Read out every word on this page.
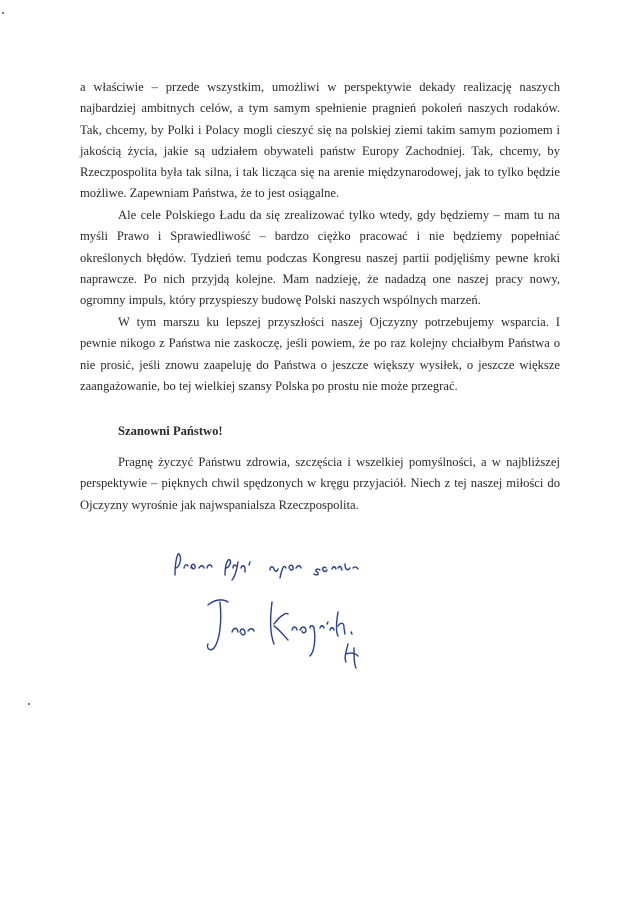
a właściwie – przede wszystkim, umożliwi w perspektywie dekady realizację naszych najbardziej ambitnych celów, a tym samym spełnienie pragnień pokoleń naszych rodaków. Tak, chcemy, by Polki i Polacy mogli cieszyć się na polskiej ziemi takim samym poziomem i jakością życia, jakie są udziałem obywateli państw Europy Zachodniej. Tak, chcemy, by Rzeczpospolita była tak silna, i tak licząca się na arenie międzynarodowej, jak to tylko będzie możliwe. Zapewniam Państwa, że to jest osiągalne.

Ale cele Polskiego Ładu da się zrealizować tylko wtedy, gdy będziemy – mam tu na myśli Prawo i Sprawiedliwość – bardzo ciężko pracować i nie będziemy popełniać określonych błędów. Tydzień temu podczas Kongresu naszej partii podjęliśmy pewne kroki naprawcze. Po nich przyjdą kolejne. Mam nadzieję, że nadadzą one naszej pracy nowy, ogromny impuls, który przyspieszy budowę Polski naszych wspólnych marzeń.

W tym marszu ku lepszej przyszłości naszej Ojczyzny potrzebujemy wsparcia. I pewnie nikogo z Państwa nie zaskoczę, jeśli powiem, że po raz kolejny chciałbym Państwa o nie prosić, jeśli znowu zaapeluję do Państwa o jeszcze większy wysiłek, o jeszcze większe zaangażowanie, bo tej wielkiej szansy Polska po prostu nie może przegrać.

Szanowni Państwo!

Pragnę życzyć Państwu zdrowia, szczęścia i wszelkiej pomyślności, a w najbliższej perspektywie – pięknych chwil spędzonych w kręgu przyjaciół. Niech z tej naszej miłości do Ojczyzny wyrośnie jak najwspanialsza Rzeczpospolita.
